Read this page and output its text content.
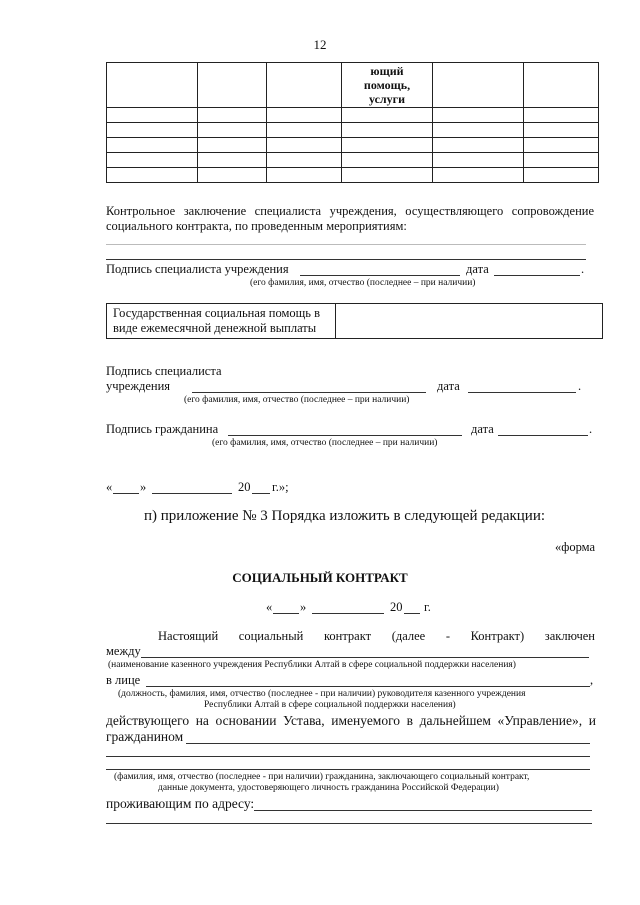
12

			ющий
помощь,
услуги		

Контрольное заключение специалиста учреждения, осуществляющего сопровождение социального контракта, по проведенным мероприятиям:
Подпись специалиста учреждения	дата	.
(его фамилия, имя, отчество (последнее – при наличии)
Государственная социальная помощь в виде ежемесячной денежной выплаты	
Подпись специалиста
учреждения	дата	.
(его фамилия, имя, отчество (последнее – при наличии)
Подпись гражданина	дата	.
(его фамилия, имя, отчество (последнее – при наличии)
« »	20 г.»;
п) приложение № 3 Порядка изложить в следующей редакции:
«форма
СОЦИАЛЬНЫЙ КОНТРАКТ
« »	20 г.
Настоящий социальный контракт (далее - Контракт) заключен
между
(наименование казенного учреждения Республики Алтай в сфере социальной поддержки населения)
в лице	,
(должность, фамилия, имя, отчество (последнее - при наличии) руководителя казенного учреждения
Республики Алтай в сфере социальной поддержки населения)
действующего на основании Устава, именуемого в дальнейшем «Управление», и
гражданином
(фамилия, имя, отчество (последнее - при наличии) гражданина, заключающего социальный контракт,
данные документа, удостоверяющего личность гражданина Российской Федерации)
проживающим по адресу:
